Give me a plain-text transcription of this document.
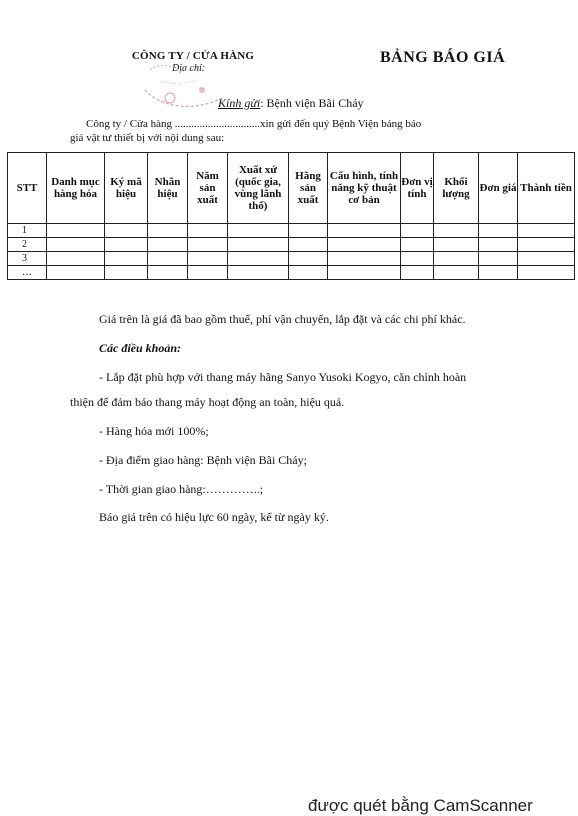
CÔNG TY / CỬA HÀNG
Địa chỉ:
BẢNG BÁO GIÁ
Kính gửi: Bệnh viện Bãi Cháy
Công ty / Cửa hàng ...............................xin gửi đến quý Bệnh Viện bảng báo
giá vật tư thiết bị với nội dung sau:
STT	Danh mục hàng hóa	Ký mã hiệu	Nhãn hiệu	Năm sản xuất	Xuất xứ (quốc gia, vùng lãnh thổ)	Hãng sản xuất	Cấu hình, tính năng kỹ thuật cơ bản	Đơn vị tính	Khối lượng	Đơn giá	Thành tiền
1											
2											
3											
…											
Giá trên là giá đã bao gồm thuế, phí vận chuyển, lắp đặt và các chi phí khác.
Các điều khoản:
- Lắp đặt phù hợp với thang máy hãng Sanyo Yusoki Kogyo, căn chỉnh hoàn
thiện để đảm bảo thang máy hoạt động an toàn, hiệu quả.
- Hàng hóa mới 100%;
- Địa điểm giao hàng: Bệnh viện Bãi Cháy;
- Thời gian giao hàng:…………..;
Báo giá trên có hiệu lực 60 ngày, kể từ ngày ký.
được quét bằng CamScanner
